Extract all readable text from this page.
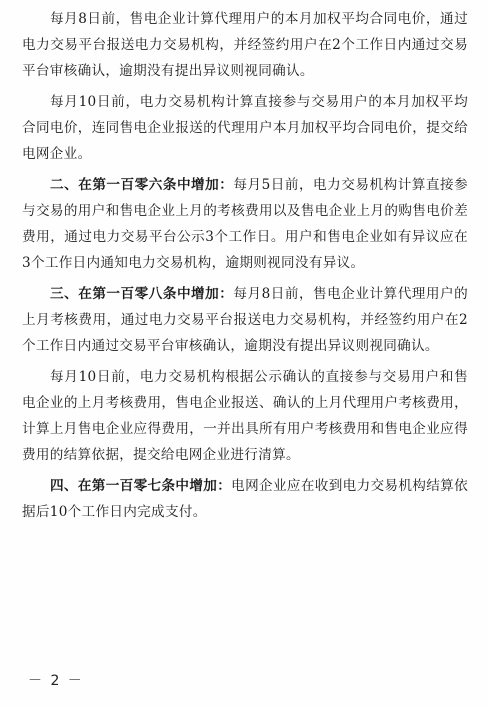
每月8日前，售电企业计算代理用户的本月加权平均合同电价，通过电力交易平台报送电力交易机构，并经签约用户在2个工作日内通过交易平台审核确认，逾期没有提出异议则视同确认。

每月10日前，电力交易机构计算直接参与交易用户的本月加权平均合同电价，连同售电企业报送的代理用户本月加权平均合同电价，提交给电网企业。

二、在第一百零六条中增加：每月5日前，电力交易机构计算直接参与交易的用户和售电企业上月的考核费用以及售电企业上月的购售电价差费用，通过电力交易平台公示3个工作日。用户和售电企业如有异议应在3个工作日内通知电力交易机构，逾期则视同没有异议。

三、在第一百零八条中增加：每月8日前，售电企业计算代理用户的上月考核费用，通过电力交易平台报送电力交易机构，并经签约用户在2个工作日内通过交易平台审核确认，逾期没有提出异议则视同确认。

每月10日前，电力交易机构根据公示确认的直接参与交易用户和售电企业的上月考核费用，售电企业报送、确认的上月代理用户考核费用，计算上月售电企业应得费用，一并出具所有用户考核费用和售电企业应得费用的结算依据，提交给电网企业进行清算。

四、在第一百零七条中增加：电网企业应在收到电力交易机构结算依据后10个工作日内完成支付。

－ 2 －
